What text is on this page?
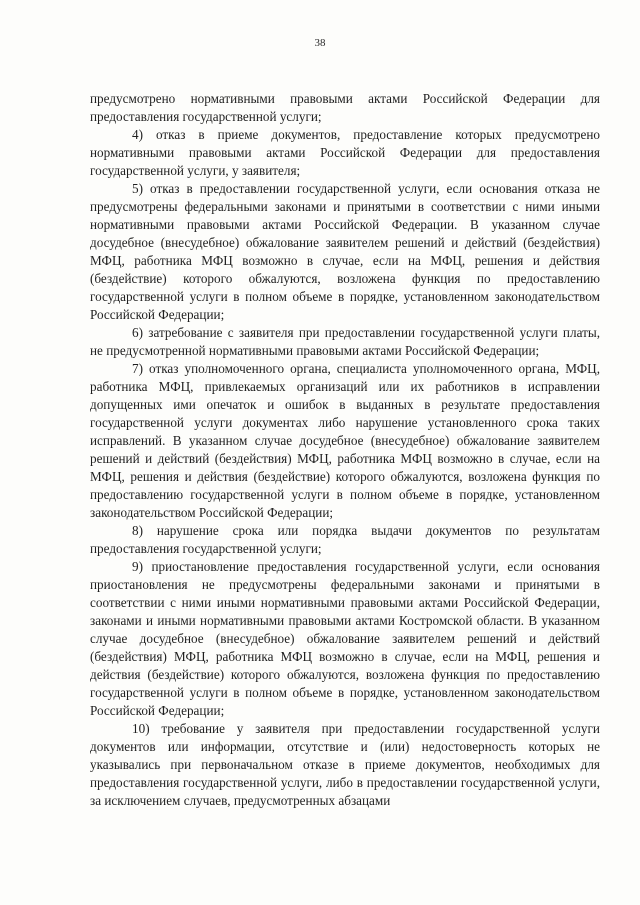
38

предусмотрено нормативными правовыми актами Российской Федерации для предоставления государственной услуги;

4) отказ в приеме документов, предоставление которых предусмотрено нормативными правовыми актами Российской Федерации для предоставления государственной услуги, у заявителя;

5) отказ в предоставлении государственной услуги, если основания отказа не предусмотрены федеральными законами и принятыми в соответствии с ними иными нормативными правовыми актами Российской Федерации. В указанном случае досудебное (внесудебное) обжалование заявителем решений и действий (бездействия) МФЦ, работника МФЦ возможно в случае, если на МФЦ, решения и действия (бездействие) которого обжалуются, возложена функция по предоставлению государственной услуги в полном объеме в порядке, установленном законодательством Российской Федерации;

6) затребование с заявителя при предоставлении государственной услуги платы, не предусмотренной нормативными правовыми актами Российской Федерации;

7) отказ уполномоченного органа, специалиста уполномоченного органа, МФЦ, работника МФЦ, привлекаемых организаций или их работников в исправлении допущенных ими опечаток и ошибок в выданных в результате предоставления государственной услуги документах либо нарушение установленного срока таких исправлений. В указанном случае досудебное (внесудебное) обжалование заявителем решений и действий (бездействия) МФЦ, работника МФЦ возможно в случае, если на МФЦ, решения и действия (бездействие) которого обжалуются, возложена функция по предоставлению государственной услуги в полном объеме в порядке, установленном законодательством Российской Федерации;

8) нарушение срока или порядка выдачи документов по результатам предоставления государственной услуги;

9) приостановление предоставления государственной услуги, если основания приостановления не предусмотрены федеральными законами и принятыми в соответствии с ними иными нормативными правовыми актами Российской Федерации, законами и иными нормативными правовыми актами Костромской области. В указанном случае досудебное (внесудебное) обжалование заявителем решений и действий (бездействия) МФЦ, работника МФЦ возможно в случае, если на МФЦ, решения и действия (бездействие) которого обжалуются, возложена функция по предоставлению государственной услуги в полном объеме в порядке, установленном законодательством Российской Федерации;

10) требование у заявителя при предоставлении государственной услуги документов или информации, отсутствие и (или) недостоверность которых не указывались при первоначальном отказе в приеме документов, необходимых для предоставления государственной услуги, либо в предоставлении государственной услуги, за исключением случаев, предусмотренных абзацами
